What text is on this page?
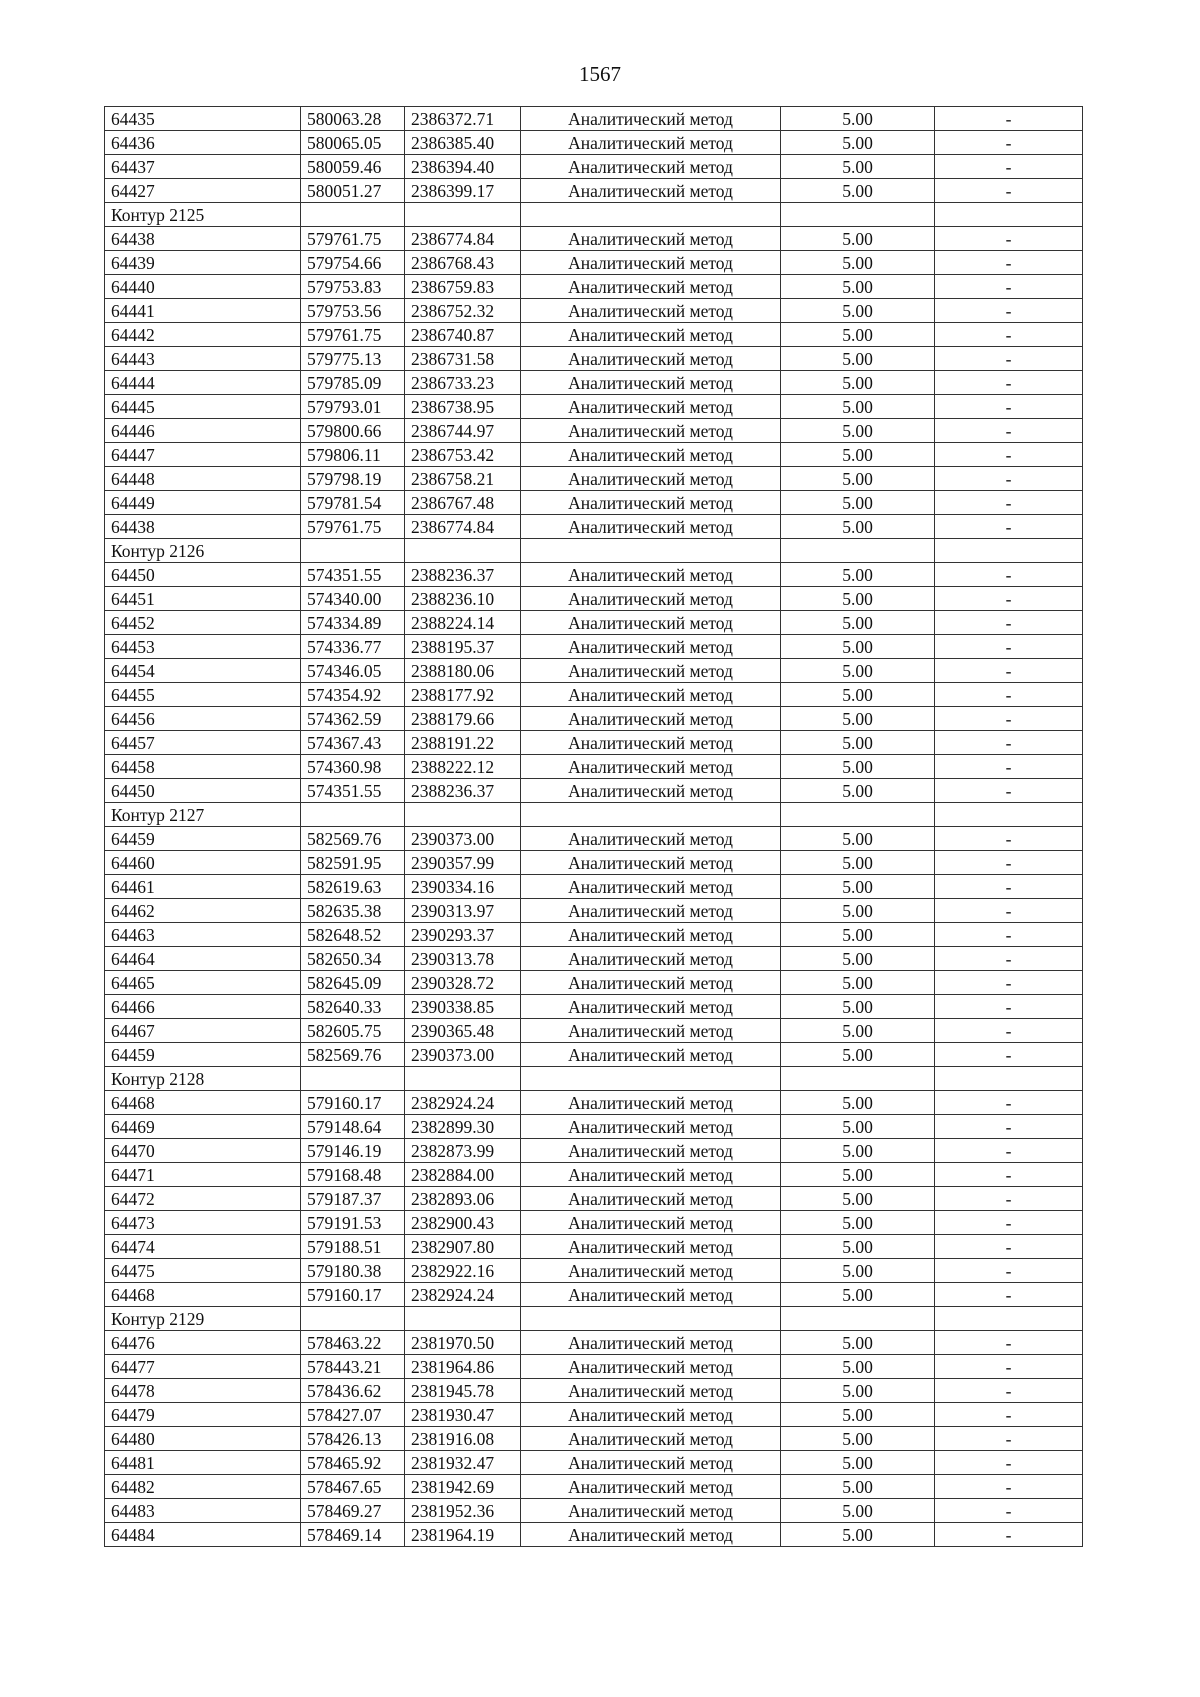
1567
64435	580063.28	2386372.71	Аналитический метод	5.00	-
64436	580065.05	2386385.40	Аналитический метод	5.00	-
64437	580059.46	2386394.40	Аналитический метод	5.00	-
64427	580051.27	2386399.17	Аналитический метод	5.00	-
Контур 2125					
64438	579761.75	2386774.84	Аналитический метод	5.00	-
64439	579754.66	2386768.43	Аналитический метод	5.00	-
64440	579753.83	2386759.83	Аналитический метод	5.00	-
64441	579753.56	2386752.32	Аналитический метод	5.00	-
64442	579761.75	2386740.87	Аналитический метод	5.00	-
64443	579775.13	2386731.58	Аналитический метод	5.00	-
64444	579785.09	2386733.23	Аналитический метод	5.00	-
64445	579793.01	2386738.95	Аналитический метод	5.00	-
64446	579800.66	2386744.97	Аналитический метод	5.00	-
64447	579806.11	2386753.42	Аналитический метод	5.00	-
64448	579798.19	2386758.21	Аналитический метод	5.00	-
64449	579781.54	2386767.48	Аналитический метод	5.00	-
64438	579761.75	2386774.84	Аналитический метод	5.00	-
Контур 2126					
64450	574351.55	2388236.37	Аналитический метод	5.00	-
64451	574340.00	2388236.10	Аналитический метод	5.00	-
64452	574334.89	2388224.14	Аналитический метод	5.00	-
64453	574336.77	2388195.37	Аналитический метод	5.00	-
64454	574346.05	2388180.06	Аналитический метод	5.00	-
64455	574354.92	2388177.92	Аналитический метод	5.00	-
64456	574362.59	2388179.66	Аналитический метод	5.00	-
64457	574367.43	2388191.22	Аналитический метод	5.00	-
64458	574360.98	2388222.12	Аналитический метод	5.00	-
64450	574351.55	2388236.37	Аналитический метод	5.00	-
Контур 2127					
64459	582569.76	2390373.00	Аналитический метод	5.00	-
64460	582591.95	2390357.99	Аналитический метод	5.00	-
64461	582619.63	2390334.16	Аналитический метод	5.00	-
64462	582635.38	2390313.97	Аналитический метод	5.00	-
64463	582648.52	2390293.37	Аналитический метод	5.00	-
64464	582650.34	2390313.78	Аналитический метод	5.00	-
64465	582645.09	2390328.72	Аналитический метод	5.00	-
64466	582640.33	2390338.85	Аналитический метод	5.00	-
64467	582605.75	2390365.48	Аналитический метод	5.00	-
64459	582569.76	2390373.00	Аналитический метод	5.00	-
Контур 2128					
64468	579160.17	2382924.24	Аналитический метод	5.00	-
64469	579148.64	2382899.30	Аналитический метод	5.00	-
64470	579146.19	2382873.99	Аналитический метод	5.00	-
64471	579168.48	2382884.00	Аналитический метод	5.00	-
64472	579187.37	2382893.06	Аналитический метод	5.00	-
64473	579191.53	2382900.43	Аналитический метод	5.00	-
64474	579188.51	2382907.80	Аналитический метод	5.00	-
64475	579180.38	2382922.16	Аналитический метод	5.00	-
64468	579160.17	2382924.24	Аналитический метод	5.00	-
Контур 2129					
64476	578463.22	2381970.50	Аналитический метод	5.00	-
64477	578443.21	2381964.86	Аналитический метод	5.00	-
64478	578436.62	2381945.78	Аналитический метод	5.00	-
64479	578427.07	2381930.47	Аналитический метод	5.00	-
64480	578426.13	2381916.08	Аналитический метод	5.00	-
64481	578465.92	2381932.47	Аналитический метод	5.00	-
64482	578467.65	2381942.69	Аналитический метод	5.00	-
64483	578469.27	2381952.36	Аналитический метод	5.00	-
64484	578469.14	2381964.19	Аналитический метод	5.00	-
